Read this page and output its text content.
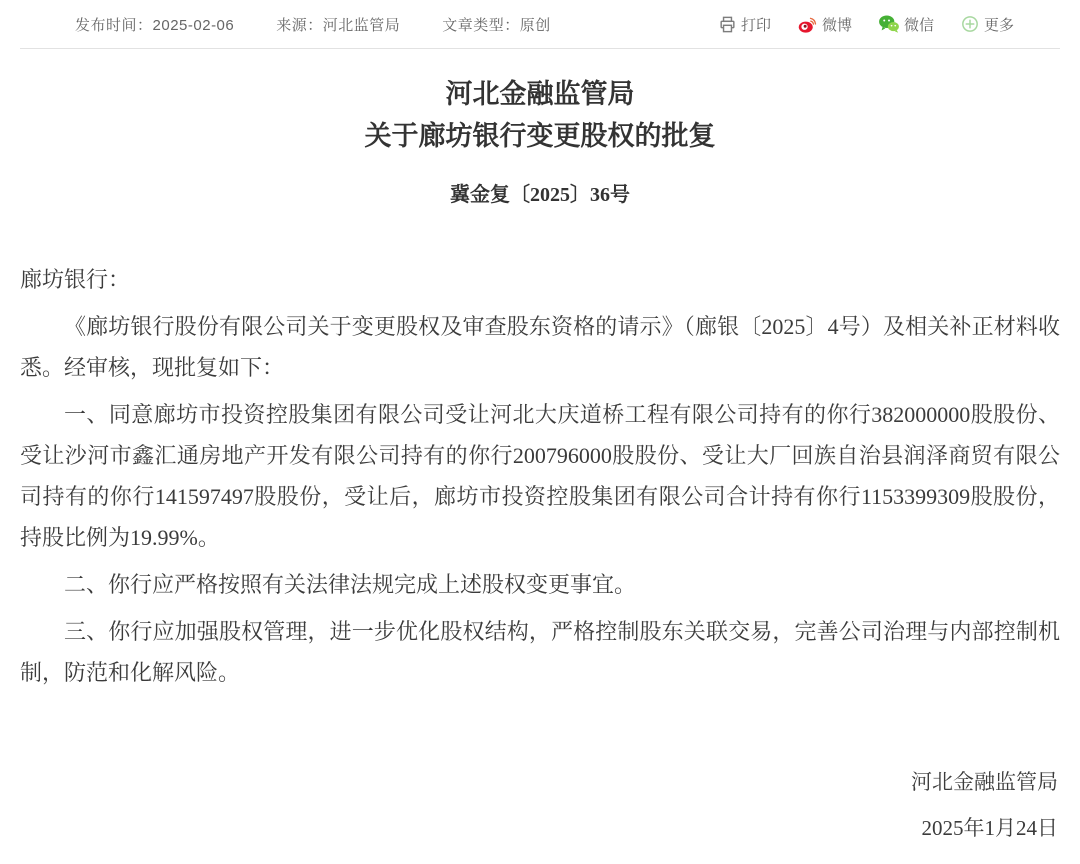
发布时间：2025-02-06	来源：河北监管局	文章类型：原创	打印	微博	微信	更多
河北金融监管局
关于廊坊银行变更股权的批复
冀金复〔2025〕36号

廊坊银行：

《廊坊银行股份有限公司关于变更股权及审查股东资格的请示》（廊银〔2025〕4号）及相关补正材料收悉。经审核，现批复如下：

一、同意廊坊市投资控股集团有限公司受让河北大庆道桥工程有限公司持有的你行382000000股股份、受让沙河市鑫汇通房地产开发有限公司持有的你行200796000股股份、受让大厂回族自治县润泽商贸有限公司持有的你行141597497股股份，受让后，廊坊市投资控股集团有限公司合计持有你行1153399309股股份，持股比例为19.99%。

二、你行应严格按照有关法律法规完成上述股权变更事宜。

三、你行应加强股权管理，进一步优化股权结构，严格控制股东关联交易，完善公司治理与内部控制机制，防范和化解风险。

河北金融监管局
2025年1月24日
